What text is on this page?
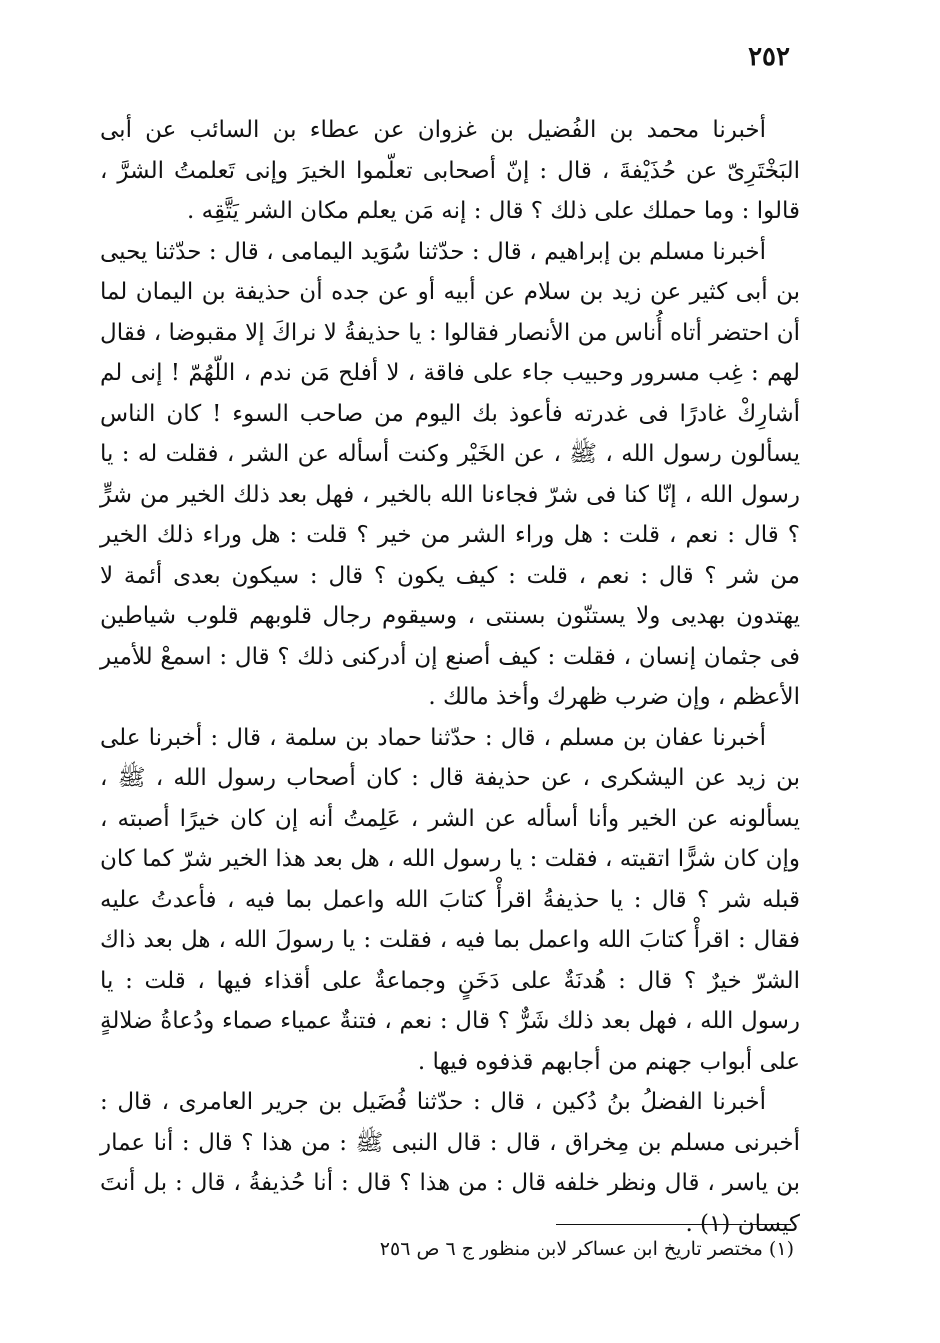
٢٥٢

أخبرنا محمد بن الفُضيل بن غزوان عن عطاء بن السائب عن أبى البَخْتَرِىّ عن حُذَيْفةَ ، قال : إنّ أصحابى تعلّموا الخيرَ وإنى تَعلمتُ الشرَّ ، قالوا : وما حملك على ذلك ؟ قال : إنه مَن يعلم مكان الشر يَتَّقِه .

أخبرنا مسلم بن إبراهيم ، قال : حدّثنا سُوَيد اليمامى ، قال : حدّثنا يحيى بن أبى كثير عن زيد بن سلام عن أبيه أو عن جده أن حذيفة بن اليمان لما أن احتضر أتاه أُناس من الأنصار فقالوا : يا حذيفةُ لا نراكَ إلا مقبوضا ، فقال لهم : غِب مسرور وحبيب جاء على فاقة ، لا أفلح مَن ندم ، اللّهُمّ ! إنى لم أشارِكْ غادرًا فى غدرته فأعوذ بك اليوم من صاحب السوء ! كان الناس يسألون رسول الله ، ﷺ ، عن الخَيْر وكنت أسأله عن الشر ، فقلت له : يا رسول الله ، إنّا كنا فى شرّ فجاءنا الله بالخير ، فهل بعد ذلك الخير من شرٍّ ؟ قال : نعم ، قلت : هل وراء الشر من خير ؟ قلت : هل وراء ذلك الخير من شر ؟ قال : نعم ، قلت : كيف يكون ؟ قال : سيكون بعدى أئمة لا يهتدون بهديى ولا يستنّون بسنتى ، وسيقوم رجال قلوبهم قلوب شياطين فى جثمان إنسان ، فقلت : كيف أصنع إن أدركنى ذلك ؟ قال : اسمعْ للأمير الأعظم ، وإن ضرب ظهرك وأخذ مالك .

أخبرنا عفان بن مسلم ، قال : حدّثنا حماد بن سلمة ، قال : أخبرنا على بن زيد عن اليشكرى ، عن حذيفة قال : كان أصحاب رسول الله ، ﷺ ، يسألونه عن الخير وأنا أسأله عن الشر ، عَلِمتُ أنه إن كان خيرًا أصبته ، وإن كان شرًّا اتقيته ، فقلت : يا رسول الله ، هل بعد هذا الخير شرّ كما كان قبله شر ؟ قال : يا حذيفةُ اقرأْ كتابَ الله واعمل بما فيه ، فأعدتُ عليه فقال : اقرأْ كتابَ الله واعمل بما فيه ، فقلت : يا رسولَ الله ، هل بعد ذاك الشرّ خيرٌ ؟ قال : هُدنَةٌ على دَخَنٍ وجماعةٌ على أقذاء فيها ، قلت : يا رسول الله ، فهل بعد ذلك شَرٌّ ؟ قال : نعم ، فتنةٌ عمياء صماء ودُعاةُ ضلالةٍ على أبواب جهنم من أجابهم قذفوه فيها .

أخبرنا الفضلُ بنُ دُكين ، قال : حدّثنا فُضَيل بن جرير العامرى ، قال : أخبرنى مسلم بن مِخراق ، قال : قال النبى ﷺ : من هذا ؟ قال : أنا عمار بن ياسر ، قال ونظر خلفه قال : من هذا ؟ قال : أنا حُذيفةُ ، قال : بل أنتَ كيسان (١) .

(١) مختصر تاريخ ابن عساكر لابن منظور ج ٦ ص ٢٥٦
